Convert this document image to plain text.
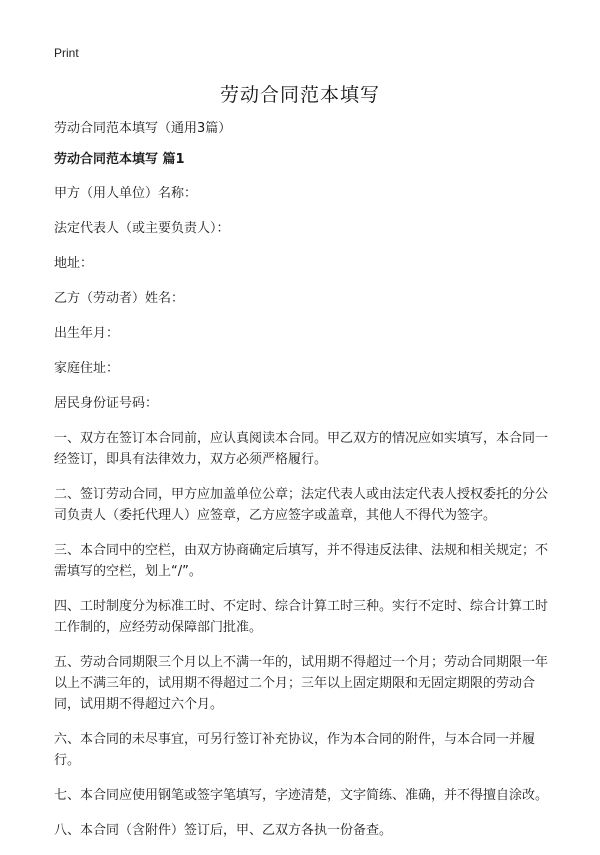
Print
劳动合同范本填写

劳动合同范本填写（通用3篇）

劳动合同范本填写 篇1

甲方（用人单位）名称：

法定代表人（或主要负责人）：

地址：

乙方（劳动者）姓名：

出生年月：

家庭住址：

居民身份证号码：

一、双方在签订本合同前，应认真阅读本合同。甲乙双方的情况应如实填写，本合同一经签订，即具有法律效力，双方必须严格履行。

二、签订劳动合同，甲方应加盖单位公章；法定代表人或由法定代表人授权委托的分公司负责人（委托代理人）应签章，乙方应签字或盖章，其他人不得代为签字。

三、本合同中的空栏，由双方协商确定后填写，并不得违反法律、法规和相关规定；不需填写的空栏，划上“/”。

四、工时制度分为标准工时、不定时、综合计算工时三种。实行不定时、综合计算工时工作制的，应经劳动保障部门批准。

五、劳动合同期限三个月以上不满一年的，试用期不得超过一个月；劳动合同期限一年以上不满三年的，试用期不得超过二个月；三年以上固定期限和无固定期限的劳动合同，试用期不得超过六个月。

六、本合同的未尽事宜，可另行签订补充协议，作为本合同的附件，与本合同一并履行。

七、本合同应使用钢笔或签字笔填写，字迹清楚，文字简练、准确，并不得擅自涂改。

八、本合同（含附件）签订后，甲、乙双方各执一份备查。
